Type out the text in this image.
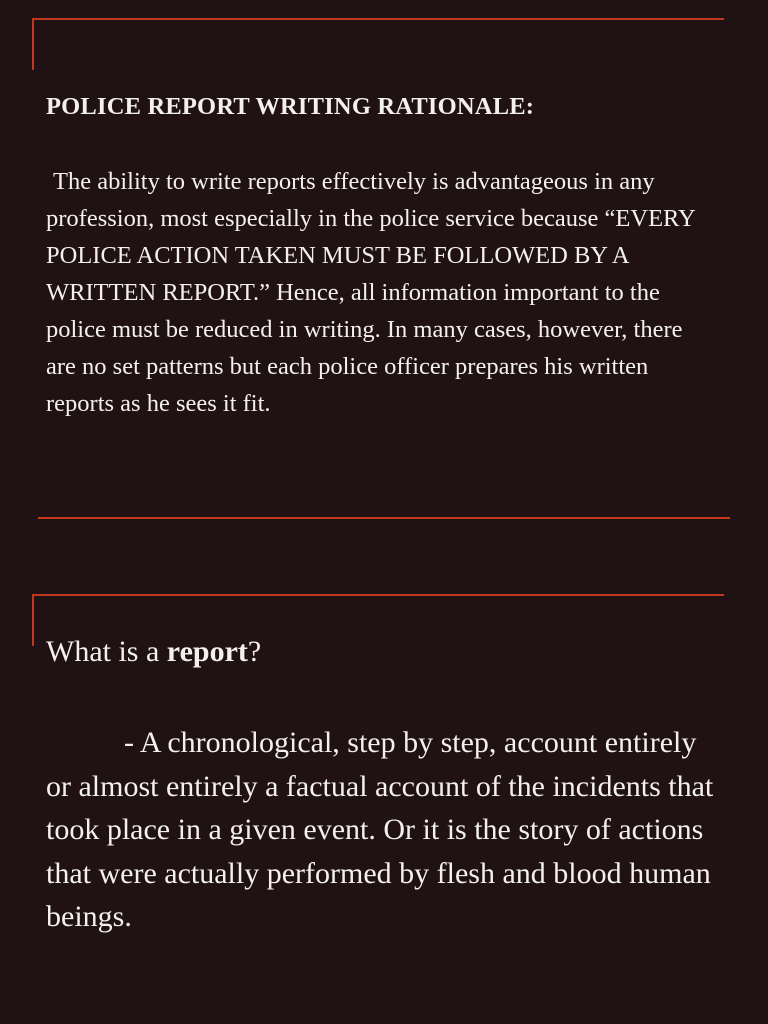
POLICE REPORT WRITING RATIONALE:

The ability to write reports effectively is advantageous in any profession, most especially in the police service because “EVERY POLICE ACTION TAKEN MUST BE FOLLOWED BY A WRITTEN REPORT.” Hence, all information important to the police must be reduced in writing. In many cases, however, there are no set patterns but each police officer prepares his written reports as he sees it fit.

What is a report?

- A chronological, step by step, account entirely or almost entirely a factual account of the incidents that took place in a given event. Or it is the story of actions that were actually performed by flesh and blood human beings.
